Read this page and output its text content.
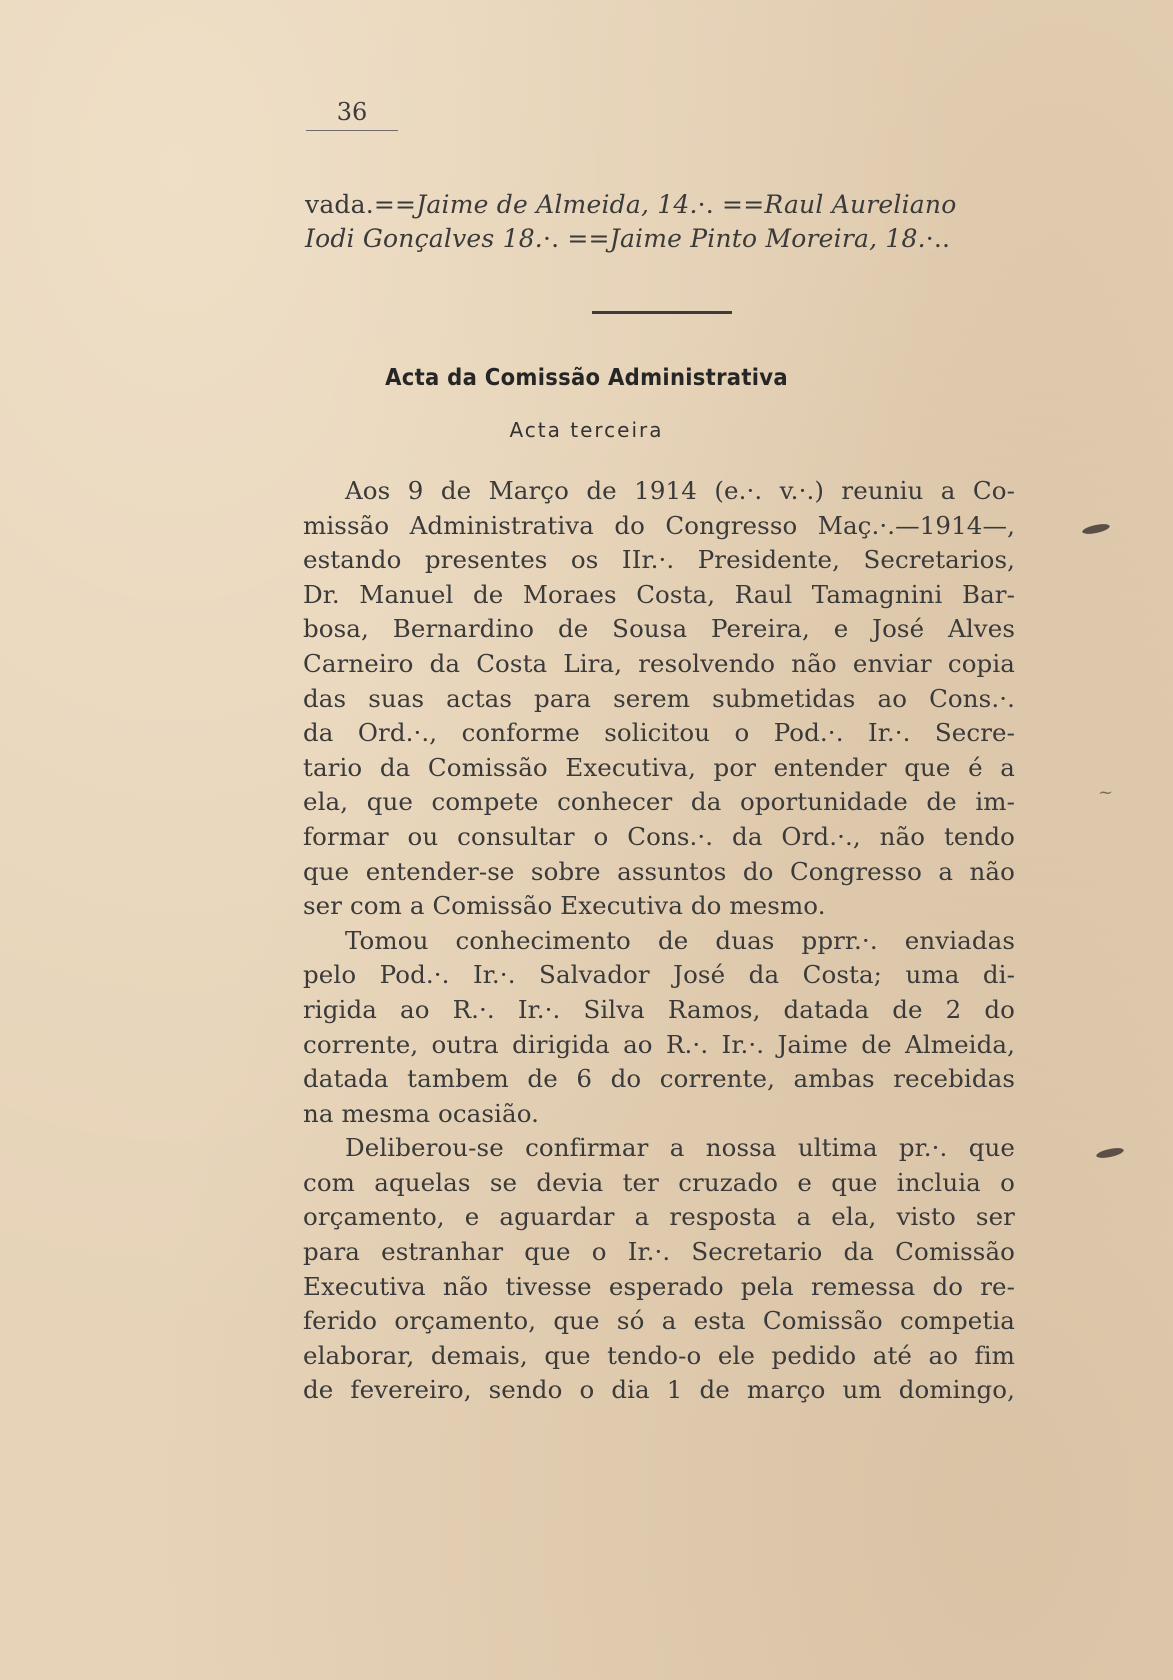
36
vada.==Jaime de Almeida, 14.·. ==Raul Aureliano
Iodi Gonçalves 18.·. ==Jaime Pinto Moreira, 18.·..
Acta da Comissão Administrativa
Acta terceira
Aos 9 de Março de 1914 (e.·. v.·.) reuniu a Co-
missão Administrativa do Congresso Maç.·.—1914—,
estando presentes os IIr.·. Presidente, Secretarios,
Dr. Manuel de Moraes Costa, Raul Tamagnini Bar-
bosa, Bernardino de Sousa Pereira, e José Alves
Carneiro da Costa Lira, resolvendo não enviar copia
das suas actas para serem submetidas ao Cons.·.
da Ord.·., conforme solicitou o Pod.·. Ir.·. Secre-
tario da Comissão Executiva, por entender que é a
ela, que compete conhecer da oportunidade de im-
formar ou consultar o Cons.·. da Ord.·., não tendo
que entender-se sobre assuntos do Congresso a não
ser com a Comissão Executiva do mesmo.
Tomou conhecimento de duas pprr.·. enviadas
pelo Pod.·. Ir.·. Salvador José da Costa; uma di-
rigida ao R.·. Ir.·. Silva Ramos, datada de 2 do
corrente, outra dirigida ao R.·. Ir.·. Jaime de Almeida,
datada tambem de 6 do corrente, ambas recebidas
na mesma ocasião.
Deliberou-se confirmar a nossa ultima pr.·. que
com aquelas se devia ter cruzado e que incluia o
orçamento, e aguardar a resposta a ela, visto ser
para estranhar que o Ir.·. Secretario da Comissão
Executiva não tivesse esperado pela remessa do re-
ferido orçamento, que só a esta Comissão competia
elaborar, demais, que tendo-o ele pedido até ao fim
de fevereiro, sendo o dia 1 de março um domingo,
~
